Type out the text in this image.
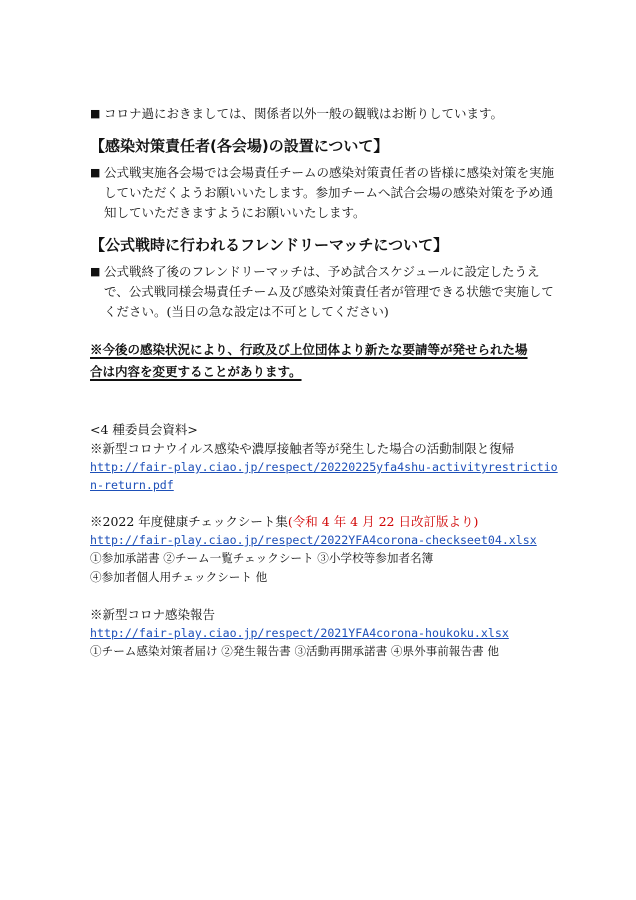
■ コロナ過におきましては、関係者以外一般の観戦はお断りしています。
【感染対策責任者(各会場)の設置について】
■ 公式戦実施各会場では会場責任チームの感染対策責任者の皆様に感染対策を実施していただくようお願いいたします。参加チームへ試合会場の感染対策を予め通知していただきますようにお願いいたします。
【公式戦時に行われるフレンドリーマッチについて】
■ 公式戦終了後のフレンドリーマッチは、予め試合スケジュールに設定したうえで、公式戦同様会場責任チーム及び感染対策責任者が管理できる状態で実施してください。(当日の急な設定は不可としてください)
※今後の感染状況により、行政及び上位団体より新たな要請等が発せられた場
合は内容を変更することがあります。
<4 種委員会資料>
※新型コロナウイルス感染や濃厚接触者等が発生した場合の活動制限と復帰
http://fair-play.ciao.jp/respect/20220225yfa4shu-activityrestriction-return.pdf
※2022 年度健康チェックシート集(令和 4 年 4 月 22 日改訂版より)
http://fair-play.ciao.jp/respect/2022YFA4corona-checkseet04.xlsx
①参加承諾書 ②チーム一覧チェックシート ③小学校等参加者名簿
④参加者個人用チェックシート 他
※新型コロナ感染報告
http://fair-play.ciao.jp/respect/2021YFA4corona-houkoku.xlsx
①チーム感染対策者届け ②発生報告書 ③活動再開承諾書 ④県外事前報告書 他
